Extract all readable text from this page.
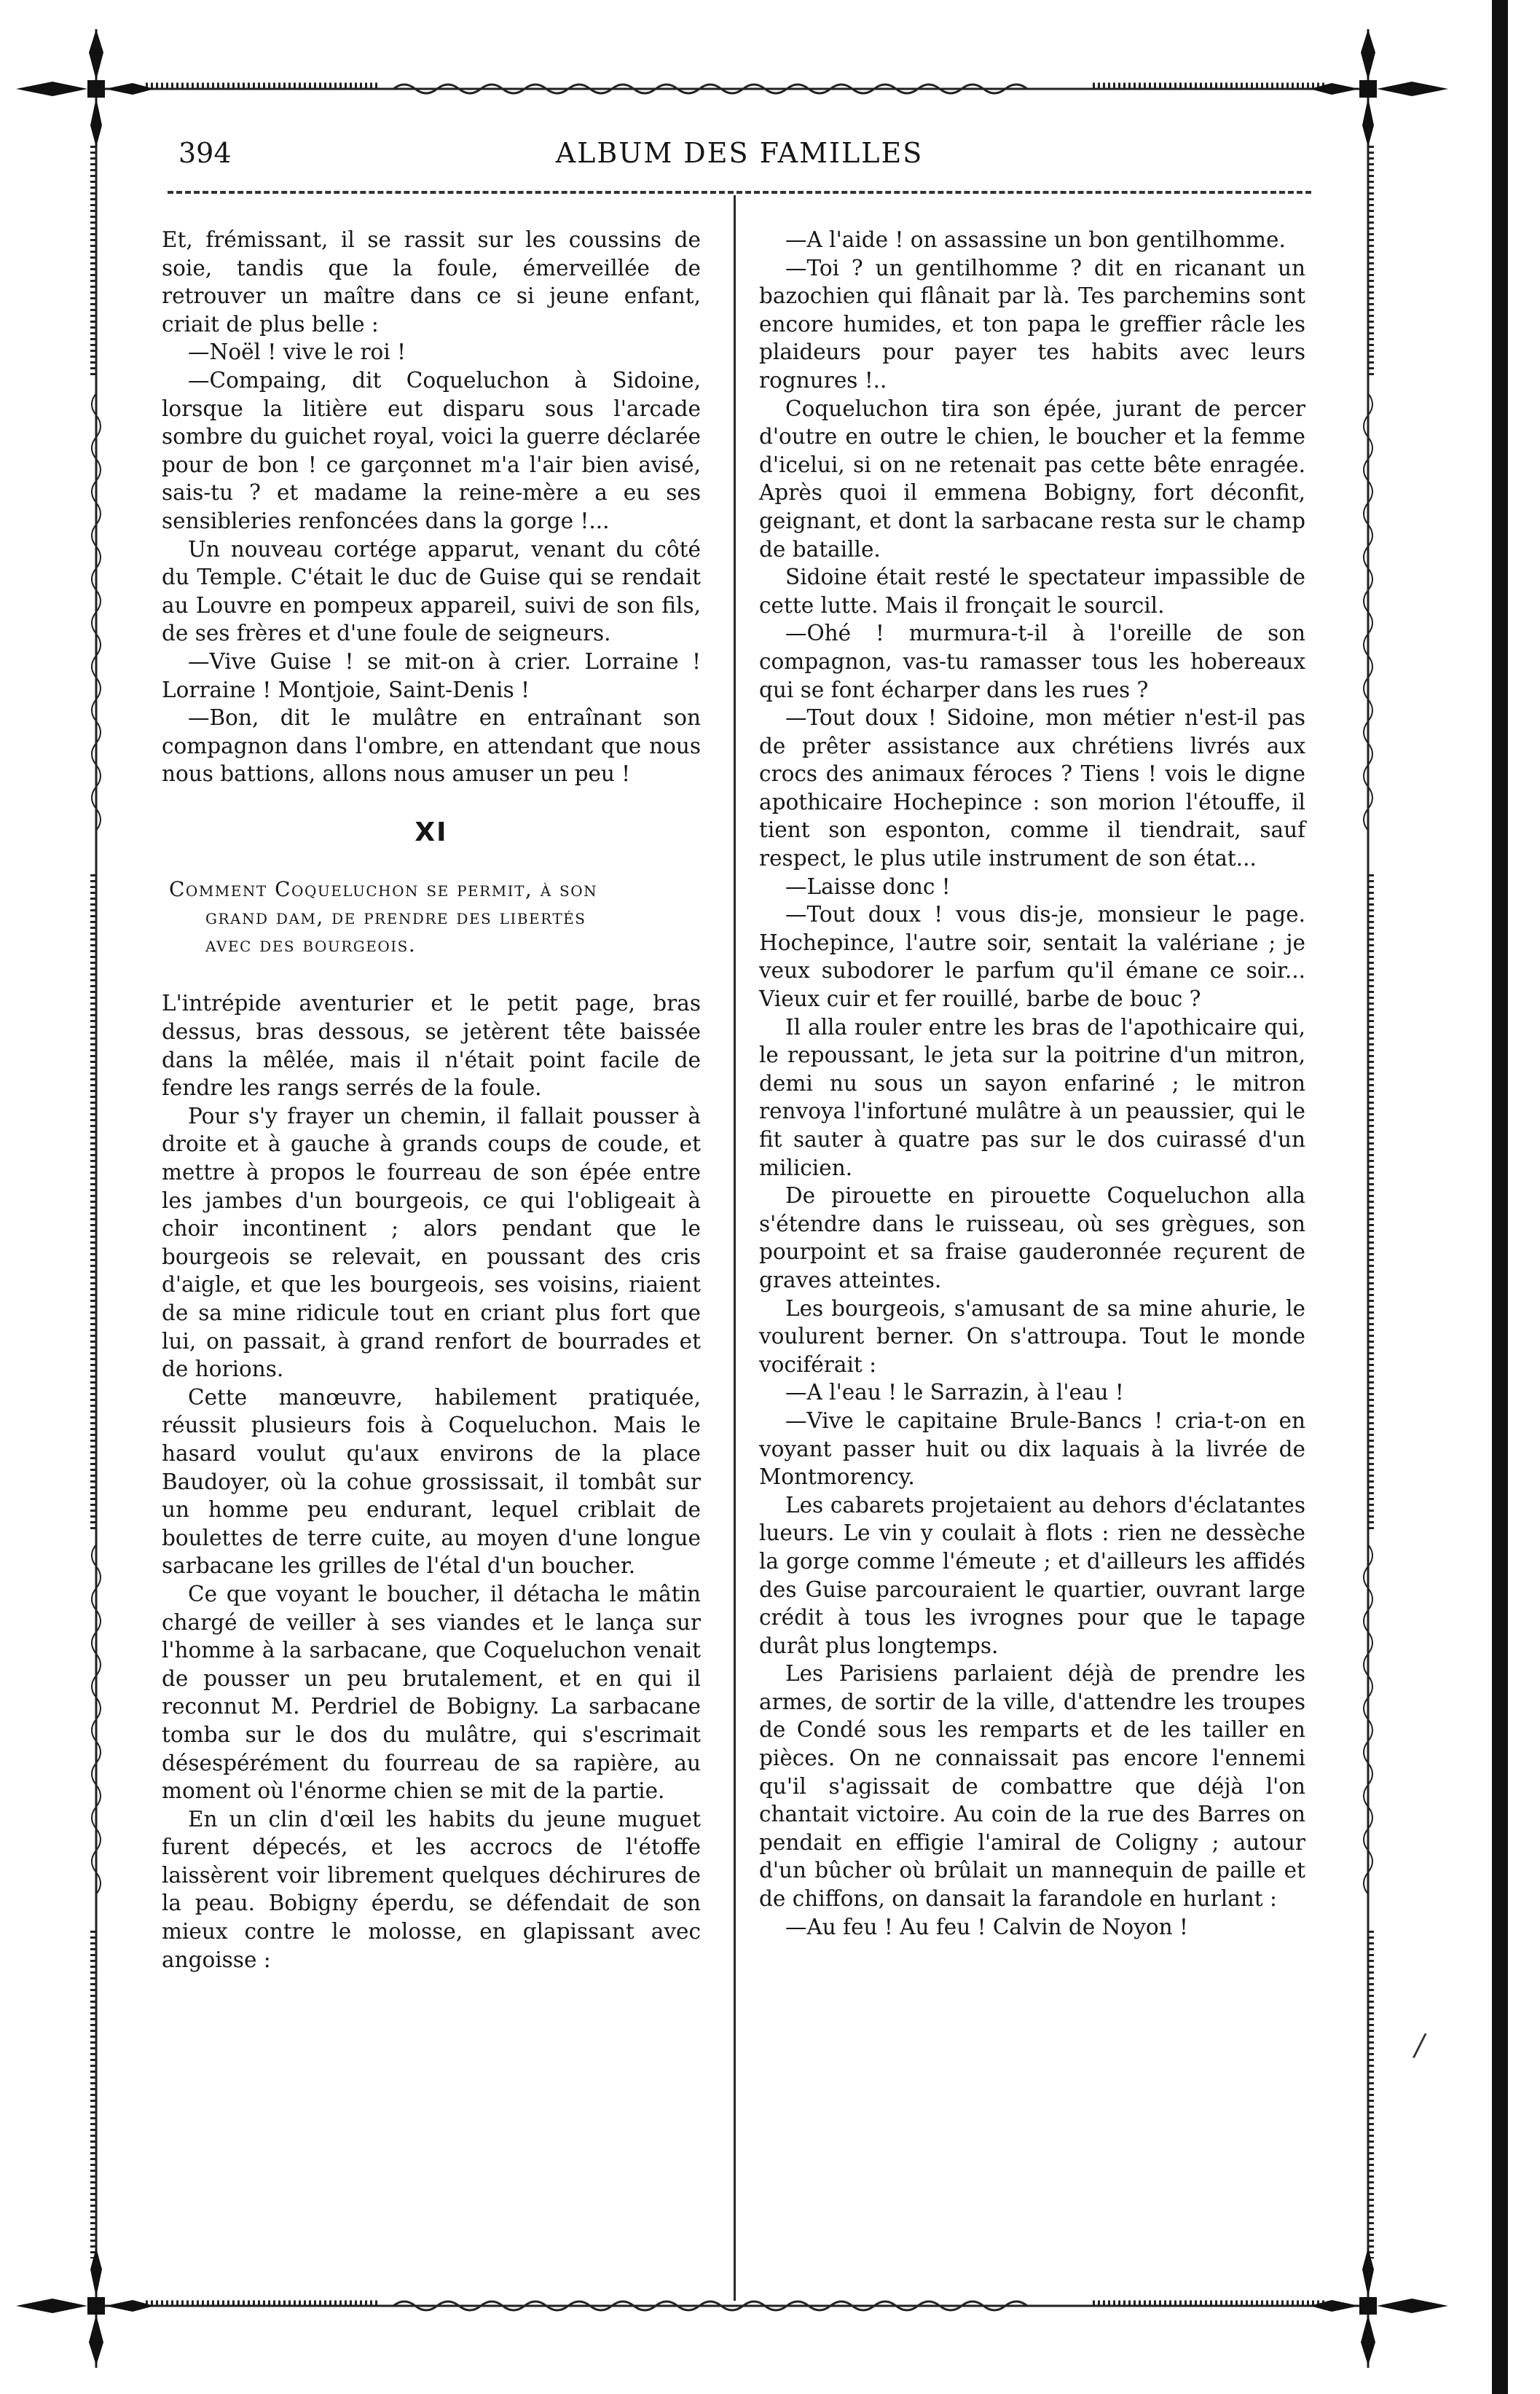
394	ALBUM DES FAMILLES

Et, frémissant, il se rassit sur les coussins de soie, tandis que la foule, émerveillée de retrouver un maître dans ce si jeune enfant, criait de plus belle :

—Noël ! vive le roi !

—Compaing, dit Coqueluchon à Sidoine, lorsque la litière eut disparu sous l'arcade sombre du guichet royal, voici la guerre déclarée pour de bon ! ce garçonnet m'a l'air bien avisé, sais-tu ? et madame la reine-mère a eu ses sensibleries renfoncées dans la gorge !...

Un nouveau cortége apparut, venant du côté du Temple. C'était le duc de Guise qui se rendait au Louvre en pompeux appareil, suivi de son fils, de ses frères et d'une foule de seigneurs.

—Vive Guise ! se mit-on à crier. Lorraine ! Lorraine ! Montjoie, Saint-Denis !

—Bon, dit le mulâtre en entraînant son compagnon dans l'ombre, en attendant que nous nous battions, allons nous amuser un peu !

XI
Comment Coqueluchon se permit, à son
grand dam, de prendre des libertés
avec des bourgeois.

L'intrépide aventurier et le petit page, bras dessus, bras dessous, se jetèrent tête baissée dans la mêlée, mais il n'était point facile de fendre les rangs serrés de la foule.

Pour s'y frayer un chemin, il fallait pousser à droite et à gauche à grands coups de coude, et mettre à propos le fourreau de son épée entre les jambes d'un bourgeois, ce qui l'obligeait à choir incontinent ; alors pendant que le bourgeois se relevait, en poussant des cris d'aigle, et que les bourgeois, ses voisins, riaient de sa mine ridicule tout en criant plus fort que lui, on passait, à grand renfort de bourrades et de horions.

Cette manœuvre, habilement pratiquée, réussit plusieurs fois à Coqueluchon. Mais le hasard voulut qu'aux environs de la place Baudoyer, où la cohue grossissait, il tombât sur un homme peu endurant, lequel criblait de boulettes de terre cuite, au moyen d'une longue sarbacane les grilles de l'étal d'un boucher.

Ce que voyant le boucher, il détacha le mâtin chargé de veiller à ses viandes et le lança sur l'homme à la sarbacane, que Coqueluchon venait de pousser un peu brutalement, et en qui il reconnut M. Perdriel de Bobigny. La sarbacane tomba sur le dos du mulâtre, qui s'escrimait désespérément du fourreau de sa rapière, au moment où l'énorme chien se mit de la partie.

En un clin d'œil les habits du jeune muguet furent dépecés, et les accrocs de l'étoffe laissèrent voir librement quelques déchirures de la peau. Bobigny éperdu, se défendait de son mieux contre le molosse, en glapissant avec angoisse :

—A l'aide ! on assassine un bon gentilhomme.

—Toi ? un gentilhomme ? dit en ricanant un bazochien qui flânait par là. Tes parchemins sont encore humides, et ton papa le greffier râcle les plaideurs pour payer tes habits avec leurs rognures !..

Coqueluchon tira son épée, jurant de percer d'outre en outre le chien, le boucher et la femme d'icelui, si on ne retenait pas cette bête enragée. Après quoi il emmena Bobigny, fort déconfit, geignant, et dont la sarbacane resta sur le champ de bataille.

Sidoine était resté le spectateur impassible de cette lutte. Mais il fronçait le sourcil.

—Ohé ! murmura-t-il à l'oreille de son compagnon, vas-tu ramasser tous les hobereaux qui se font écharper dans les rues ?

—Tout doux ! Sidoine, mon métier n'est-il pas de prêter assistance aux chrétiens livrés aux crocs des animaux féroces ? Tiens ! vois le digne apothicaire Hochepince : son morion l'étouffe, il tient son esponton, comme il tiendrait, sauf respect, le plus utile instrument de son état...

—Laisse donc !

—Tout doux ! vous dis-je, monsieur le page. Hochepince, l'autre soir, sentait la valériane ; je veux subodorer le parfum qu'il émane ce soir... Vieux cuir et fer rouillé, barbe de bouc ?

Il alla rouler entre les bras de l'apothicaire qui, le repoussant, le jeta sur la poitrine d'un mitron, demi nu sous un sayon enfariné ; le mitron renvoya l'infortuné mulâtre à un peaussier, qui le fit sauter à quatre pas sur le dos cuirassé d'un milicien.

De pirouette en pirouette Coqueluchon alla s'étendre dans le ruisseau, où ses grègues, son pourpoint et sa fraise gauderonnée reçurent de graves atteintes.

Les bourgeois, s'amusant de sa mine ahurie, le voulurent berner. On s'attroupa. Tout le monde vociférait :

—A l'eau ! le Sarrazin, à l'eau !

—Vive le capitaine Brule-Bancs ! cria-t-on en voyant passer huit ou dix laquais à la livrée de Montmorency.

Les cabarets projetaient au dehors d'éclatantes lueurs. Le vin y coulait à flots : rien ne dessèche la gorge comme l'émeute ; et d'ailleurs les affidés des Guise parcouraient le quartier, ouvrant large crédit à tous les ivrognes pour que le tapage durât plus longtemps.

Les Parisiens parlaient déjà de prendre les armes, de sortir de la ville, d'attendre les troupes de Condé sous les remparts et de les tailler en pièces. On ne connaissait pas encore l'ennemi qu'il s'agissait de combattre que déjà l'on chantait victoire. Au coin de la rue des Barres on pendait en effigie l'amiral de Coligny ; autour d'un bûcher où brûlait un mannequin de paille et de chiffons, on dansait la farandole en hurlant :

—Au feu ! Au feu ! Calvin de Noyon !

/
